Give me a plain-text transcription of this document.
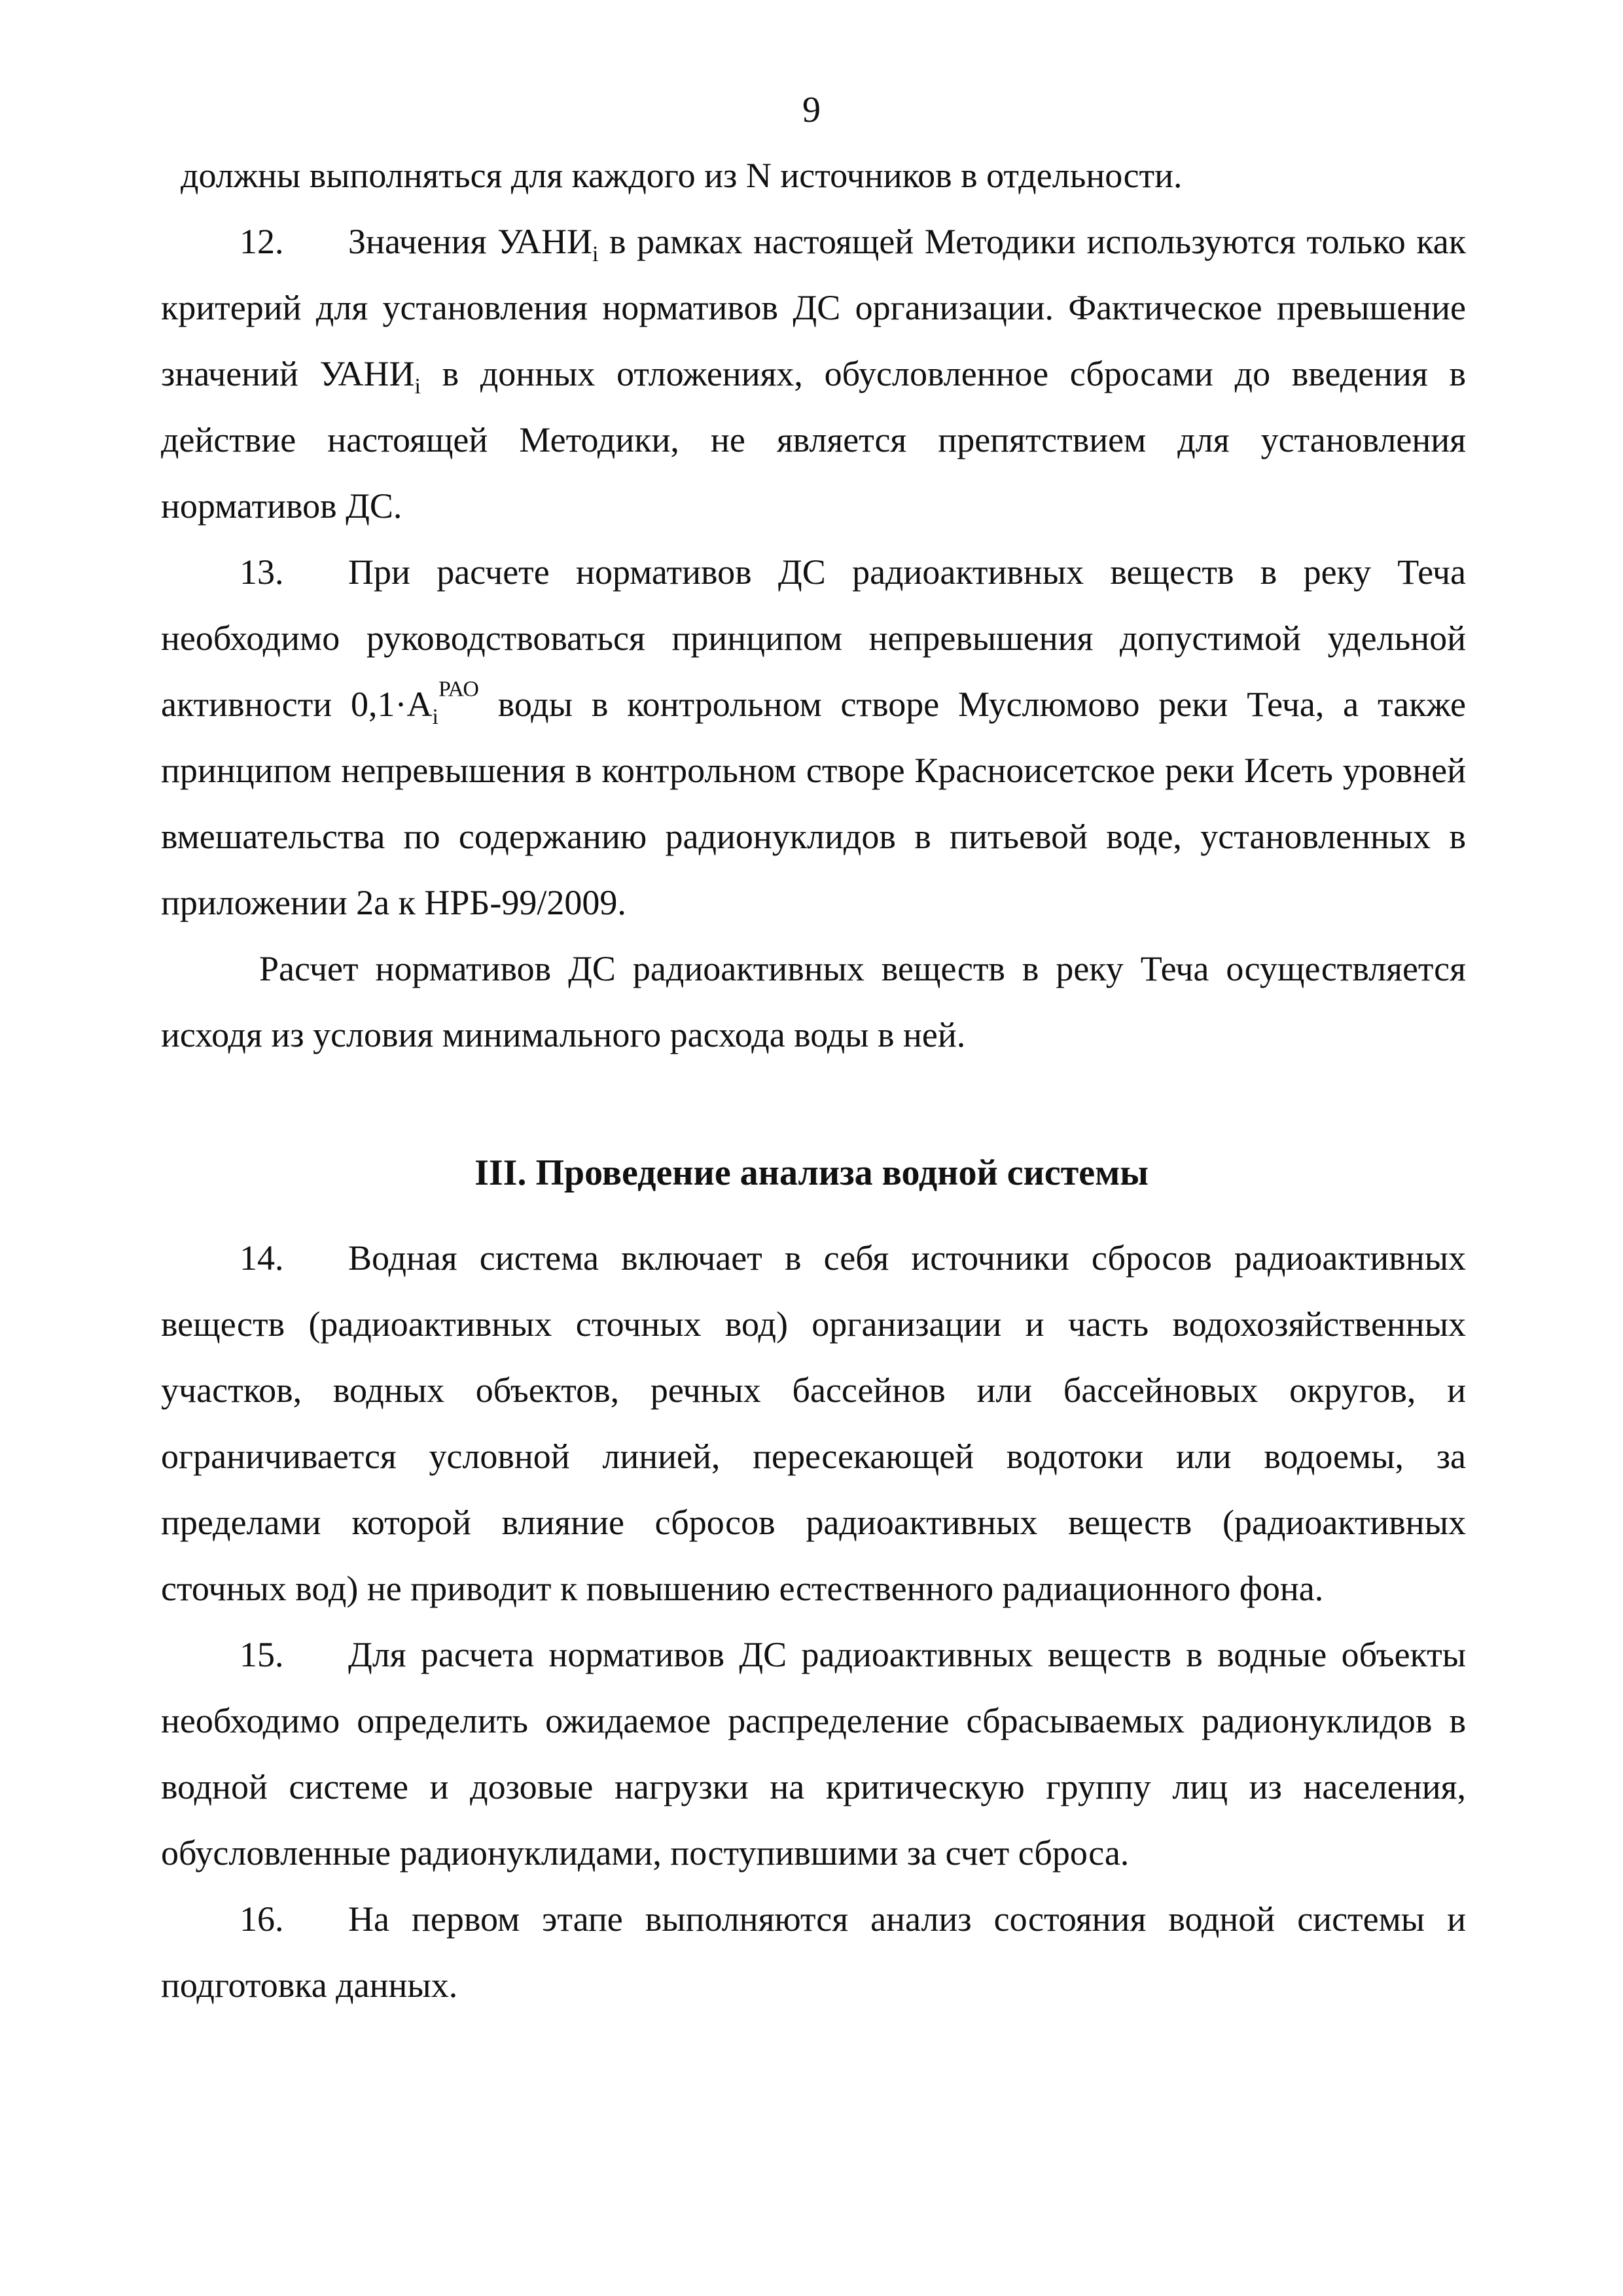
9

должны выполняться для каждого из N источников в отдельности.

12. Значения $УАНИ_i$ в рамках настоящей Методики используются только как критерий для установления нормативов ДС организации. Фактическое превышение значений $УАНИ_i$ в донных отложениях, обусловленное сбросами до введения в действие настоящей Методики, не является препятствием для установления нормативов ДС.

13. При расчете нормативов ДС радиоактивных веществ в реку Теча необходимо руководствоваться принципом непревышения допустимой удельной активности $0,1\cdot A_i^{РАО}$ воды в контрольном створе Муслюмово реки Теча, а также принципом непревышения в контрольном створе Красноисетское реки Исеть уровней вмешательства по содержанию радионуклидов в питьевой воде, установленных в приложении 2а к НРБ-99/2009.

Расчет нормативов ДС радиоактивных веществ в реку Теча осуществляется исходя из условия минимального расхода воды в ней.

III. Проведение анализа водной системы

14. Водная система включает в себя источники сбросов радиоактивных веществ (радиоактивных сточных вод) организации и часть водохозяйственных участков, водных объектов, речных бассейнов или бассейновых округов, и ограничивается условной линией, пересекающей водотоки или водоемы, за пределами которой влияние сбросов радиоактивных веществ (радиоактивных сточных вод) не приводит к повышению естественного радиационного фона.

15. Для расчета нормативов ДС радиоактивных веществ в водные объекты необходимо определить ожидаемое распределение сбрасываемых радионуклидов в водной системе и дозовые нагрузки на критическую группу лиц из населения, обусловленные радионуклидами, поступившими за счет сброса.

16. На первом этапе выполняются анализ состояния водной системы и подготовка данных.
